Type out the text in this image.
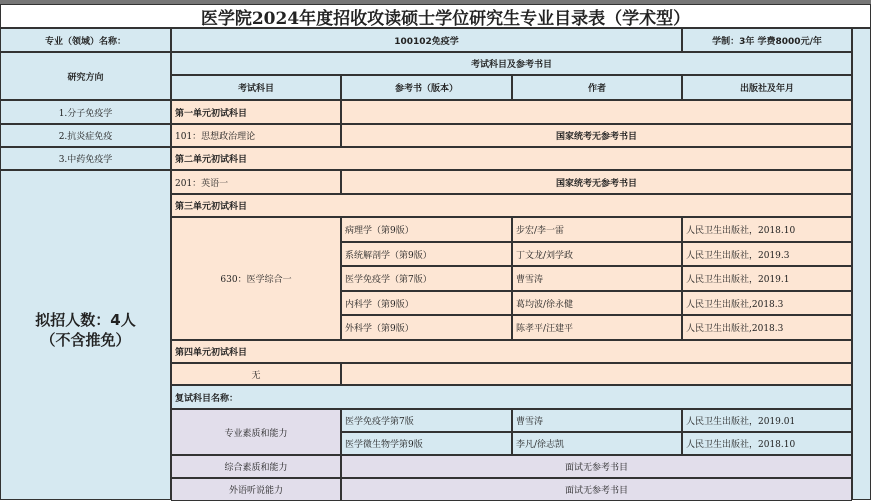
医学院2024年度招收攻读硕士学位研究生专业目录表（学术型）
专业（领域）名称：	100102免疫学	学制：3年 学费8000元/年
研究方向
考试科目及参考书目
考试科目	参考书（版本）	作者	出版社及年月
1.分子免疫学
2.抗炎症免疫
3.中药免疫学
拟招人数：4人
（不含推免）
第一单元初试科目
101：思想政治理论	国家统考无参考书目
第二单元初试科目
201：英语一	国家统考无参考书目
第三单元初试科目
630：医学综合一
病理学（第9版）	步宏/李一雷	人民卫生出版社，2018.10
系统解剖学（第9版）	丁文龙/刘学政	人民卫生出版社，2019.3
医学免疫学（第7版）	曹雪涛	人民卫生出版社，2019.1
内科学（第9版）	葛均波/徐永健	人民卫生出版社,2018.3
外科学（第9版）	陈孝平/汪建平	人民卫生出版社,2018.3
第四单元初试科目
无
复试科目名称：
专业素质和能力
医学免疫学第7版	曹雪涛	人民卫生出版社，2019.01
医学微生物学第9版	李凡/徐志凯	人民卫生出版社，2018.10
综合素质和能力	面试无参考书目
外语听说能力	面试无参考书目
